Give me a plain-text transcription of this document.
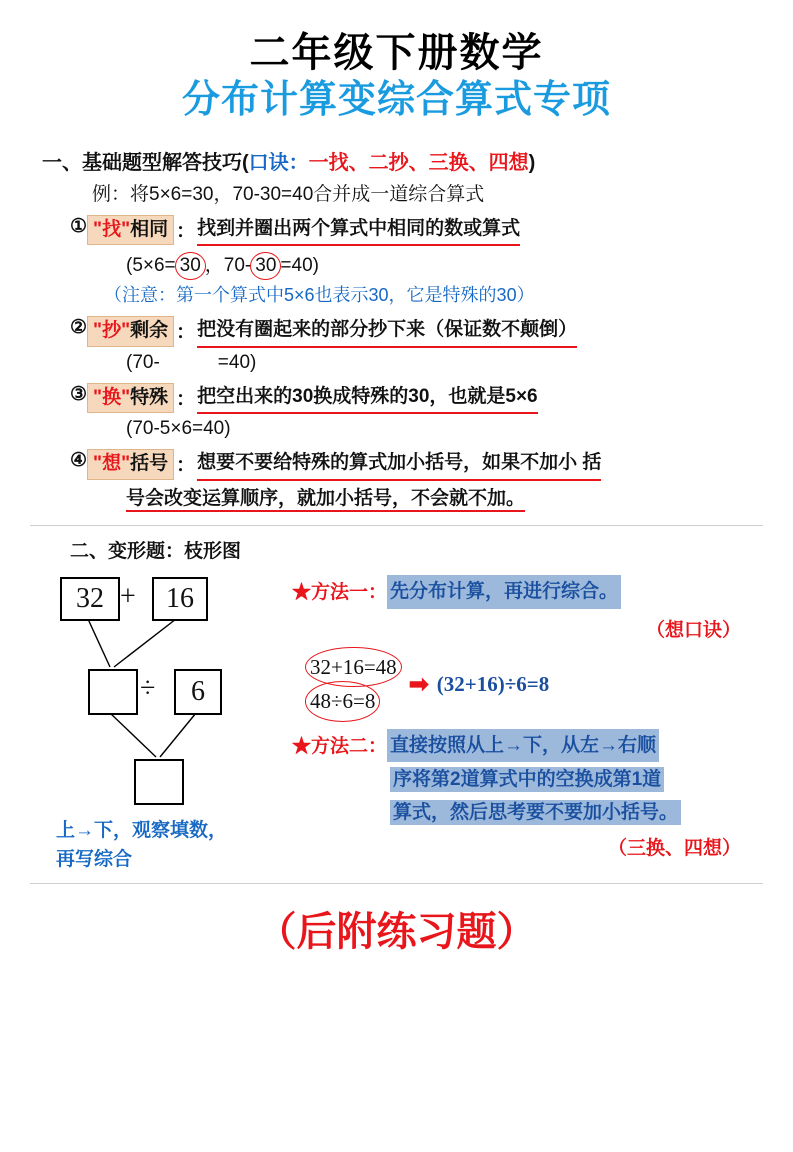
二年级下册数学
分布计算变综合算式专项
一、基础题型解答技巧(口诀：一找、二抄、三换、四想)
例：将5×6=30，70-30=40合并成一道综合算式
① "找"相同 ： 找到并圈出两个算式中相同的数或算式
(5×6= 30 ，70- 30 =40)
（注意：第一个算式中5×6也表示30，它是特殊的30）
② "抄"剩余 ： 把没有圈起来的部分抄下来（保证数不颠倒）
(70-	=40)
③ "换"特殊 ： 把空出来的30换成特殊的30，也就是5×6
(70-5×6=40)
④ "想"括号 ： 想要不要给特殊的算式加小括号，如果不加小 括
号会改变运算顺序，就加小括号，不会就不加。
二、变形题：枝形图
32 +	16
÷	6
上→下，观察填数，
再写综合
★方法一： 先分布计算，再进行综合。
（想口诀）
32+16=48
48÷6=8
➡ (32+16)÷6=8
★方法二： 直接按照从上→下，从左→右顺
序将第2道算式中的空换成第1道
算式，然后思考要不要加小括号。
（三换、四想）
（后附练习题）
